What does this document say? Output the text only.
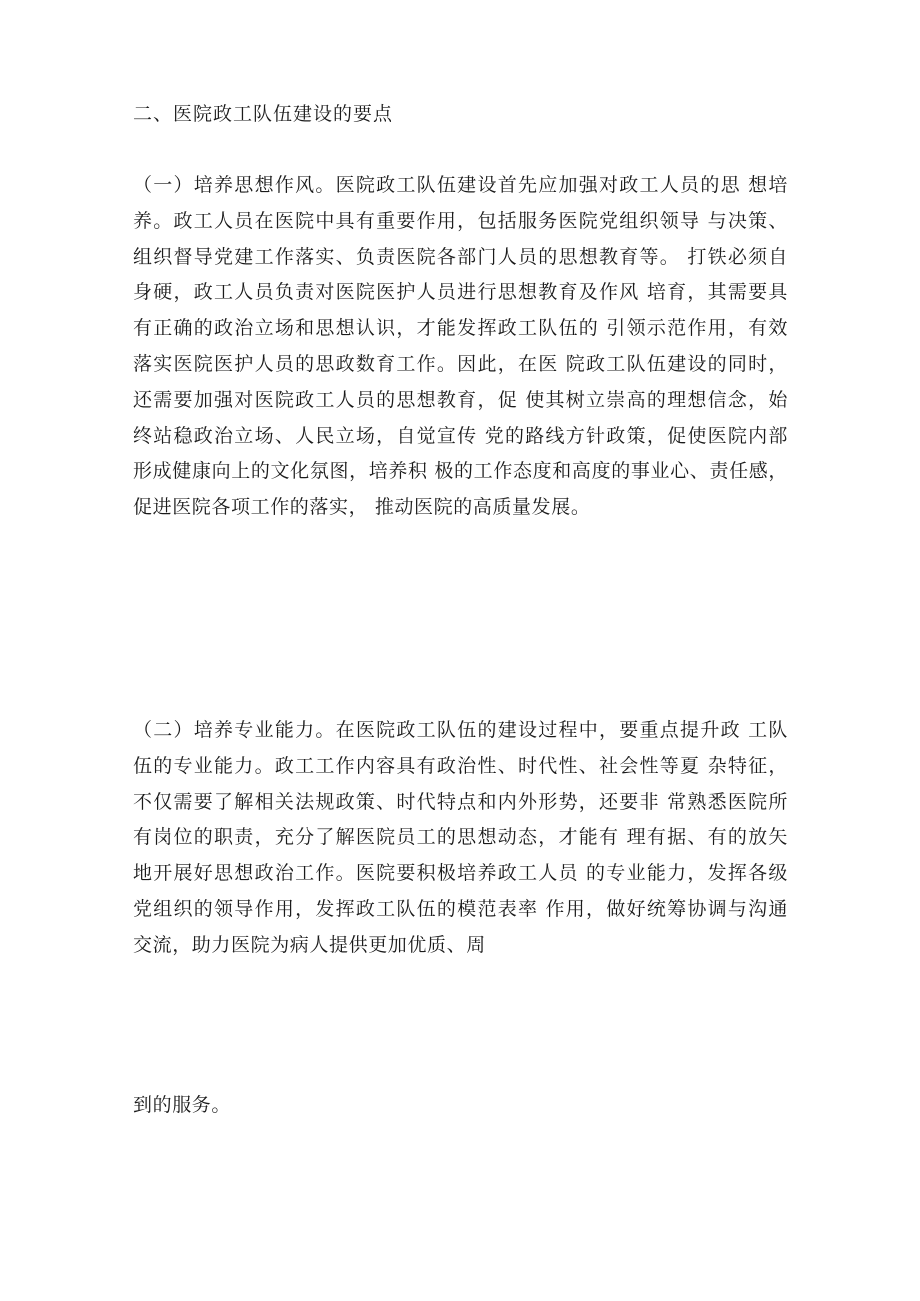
二、医院政工队伍建设的要点
（一）培养思想作风。医院政工队伍建设首先应加强对政工人员的思 想培
养。政工人员在医院中具有重要作用，包括服务医院党组织领导 与决策、
组织督导党建工作落实、负责医院各部门人员的思想教育等。 打铁必须自
身硬，政工人员负责对医院医护人员进行思想教育及作风 培育，其需要具
有正确的政治立场和思想认识，才能发挥政工队伍的 引领示范作用，有效
落实医院医护人员的思政数育工作。因此，在医 院政工队伍建设的同时，
还需要加强对医院政工人员的思想教育，促 使其树立崇高的理想信念，始
终站稳政治立场、人民立场，自觉宣传 党的路线方针政策，促使医院内部
形成健康向上的文化氛图，培养积 极的工作态度和高度的事业心、责任感，
促进医院各项工作的落实， 推动医院的高质量发展。
（二）培养专业能力。在医院政工队伍的建设过程中，要重点提升政 工队
伍的专业能力。政工工作内容具有政治性、时代性、社会性等夏 杂特征，
不仅需要了解相关法规政策、时代特点和内外形势，还要非 常熟悉医院所
有岗位的职责，充分了解医院员工的思想动态，才能有 理有据、有的放矢
地开展好思想政治工作。医院要积极培养政工人员 的专业能力，发挥各级
党组织的领导作用，发挥政工队伍的模范表率 作用，做好统筹协调与沟通
交流，助力医院为病人提供更加优质、周
到的服务。
